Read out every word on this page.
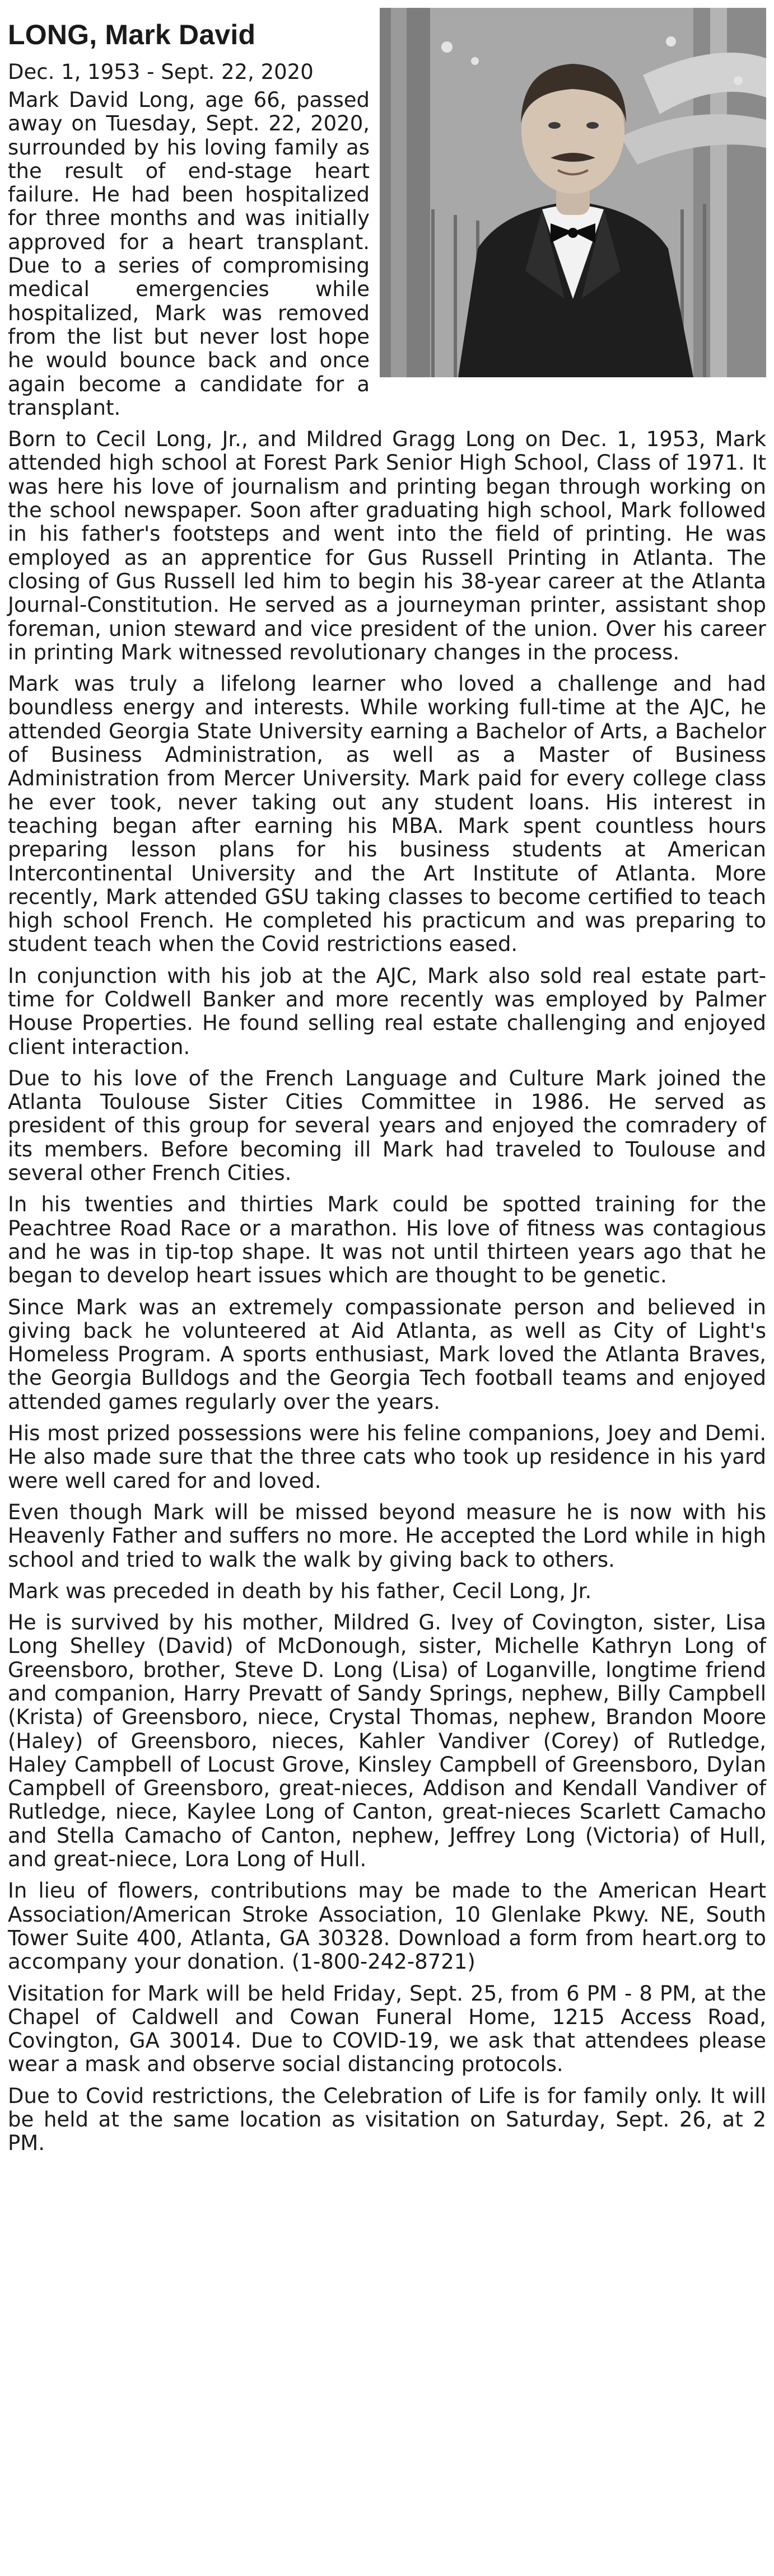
LONG, Mark David
Dec. 1, 1953 - Sept. 22, 2020

Mark David Long, age 66, passed away on Tuesday, Sept. 22, 2020, surrounded by his loving family as the result of end-stage heart failure. He had been hospitalized for three months and was initially approved for a heart transplant. Due to a series of compromising medical emergencies while hospitalized, Mark was removed from the list but never lost hope he would bounce back and once again become a candidate for a transplant.

Born to Cecil Long, Jr., and Mildred Gragg Long on Dec. 1, 1953, Mark attended high school at Forest Park Senior High School, Class of 1971. It was here his love of journalism and printing began through working on the school newspaper. Soon after graduating high school, Mark followed in his father's footsteps and went into the field of printing. He was employed as an apprentice for Gus Russell Printing in Atlanta. The closing of Gus Russell led him to begin his 38-year career at the Atlanta Journal-Constitution. He served as a journeyman printer, assistant shop foreman, union steward and vice president of the union. Over his career in printing Mark witnessed revolutionary changes in the process.

Mark was truly a lifelong learner who loved a challenge and had boundless energy and interests. While working full-time at the AJC, he attended Georgia State University earning a Bachelor of Arts, a Bachelor of Business Administration, as well as a Master of Business Administration from Mercer University. Mark paid for every college class he ever took, never taking out any student loans. His interest in teaching began after earning his MBA. Mark spent countless hours preparing lesson plans for his business students at American Intercontinental University and the Art Institute of Atlanta. More recently, Mark attended GSU taking classes to become certified to teach high school French. He completed his practicum and was preparing to student teach when the Covid restrictions eased.

In conjunction with his job at the AJC, Mark also sold real estate part-time for Coldwell Banker and more recently was employed by Palmer House Properties. He found selling real estate challenging and enjoyed client interaction.

Due to his love of the French Language and Culture Mark joined the Atlanta Toulouse Sister Cities Committee in 1986. He served as president of this group for several years and enjoyed the comradery of its members. Before becoming ill Mark had traveled to Toulouse and several other French Cities.

In his twenties and thirties Mark could be spotted training for the Peachtree Road Race or a marathon. His love of fitness was contagious and he was in tip-top shape. It was not until thirteen years ago that he began to develop heart issues which are thought to be genetic.

Since Mark was an extremely compassionate person and believed in giving back he volunteered at Aid Atlanta, as well as City of Light's Homeless Program. A sports enthusiast, Mark loved the Atlanta Braves, the Georgia Bulldogs and the Georgia Tech football teams and enjoyed attended games regularly over the years.

His most prized possessions were his feline companions, Joey and Demi. He also made sure that the three cats who took up residence in his yard were well cared for and loved.

Even though Mark will be missed beyond measure he is now with his Heavenly Father and suffers no more. He accepted the Lord while in high school and tried to walk the walk by giving back to others.

Mark was preceded in death by his father, Cecil Long, Jr.

He is survived by his mother, Mildred G. Ivey of Covington, sister, Lisa Long Shelley (David) of McDonough, sister, Michelle Kathryn Long of Greensboro, brother, Steve D. Long (Lisa) of Loganville, longtime friend and companion, Harry Prevatt of Sandy Springs, nephew, Billy Campbell (Krista) of Greensboro, niece, Crystal Thomas, nephew, Brandon Moore (Haley) of Greensboro, nieces, Kahler Vandiver (Corey) of Rutledge, Haley Campbell of Locust Grove, Kinsley Campbell of Greensboro, Dylan Campbell of Greensboro, great-nieces, Addison and Kendall Vandiver of Rutledge, niece, Kaylee Long of Canton, great-nieces Scarlett Camacho and Stella Camacho of Canton, nephew, Jeffrey Long (Victoria) of Hull, and great-niece, Lora Long of Hull.

In lieu of flowers, contributions may be made to the American Heart Association/American Stroke Association, 10 Glenlake Pkwy. NE, South Tower Suite 400, Atlanta, GA 30328. Download a form from heart.org to accompany your donation. (1-800-242-8721)

Visitation for Mark will be held Friday, Sept. 25, from 6 PM - 8 PM, at the Chapel of Caldwell and Cowan Funeral Home, 1215 Access Road, Covington, GA 30014. Due to COVID-19, we ask that attendees please wear a mask and observe social distancing protocols.

Due to Covid restrictions, the Celebration of Life is for family only. It will be held at the same location as visitation on Saturday, Sept. 26, at 2 PM.
